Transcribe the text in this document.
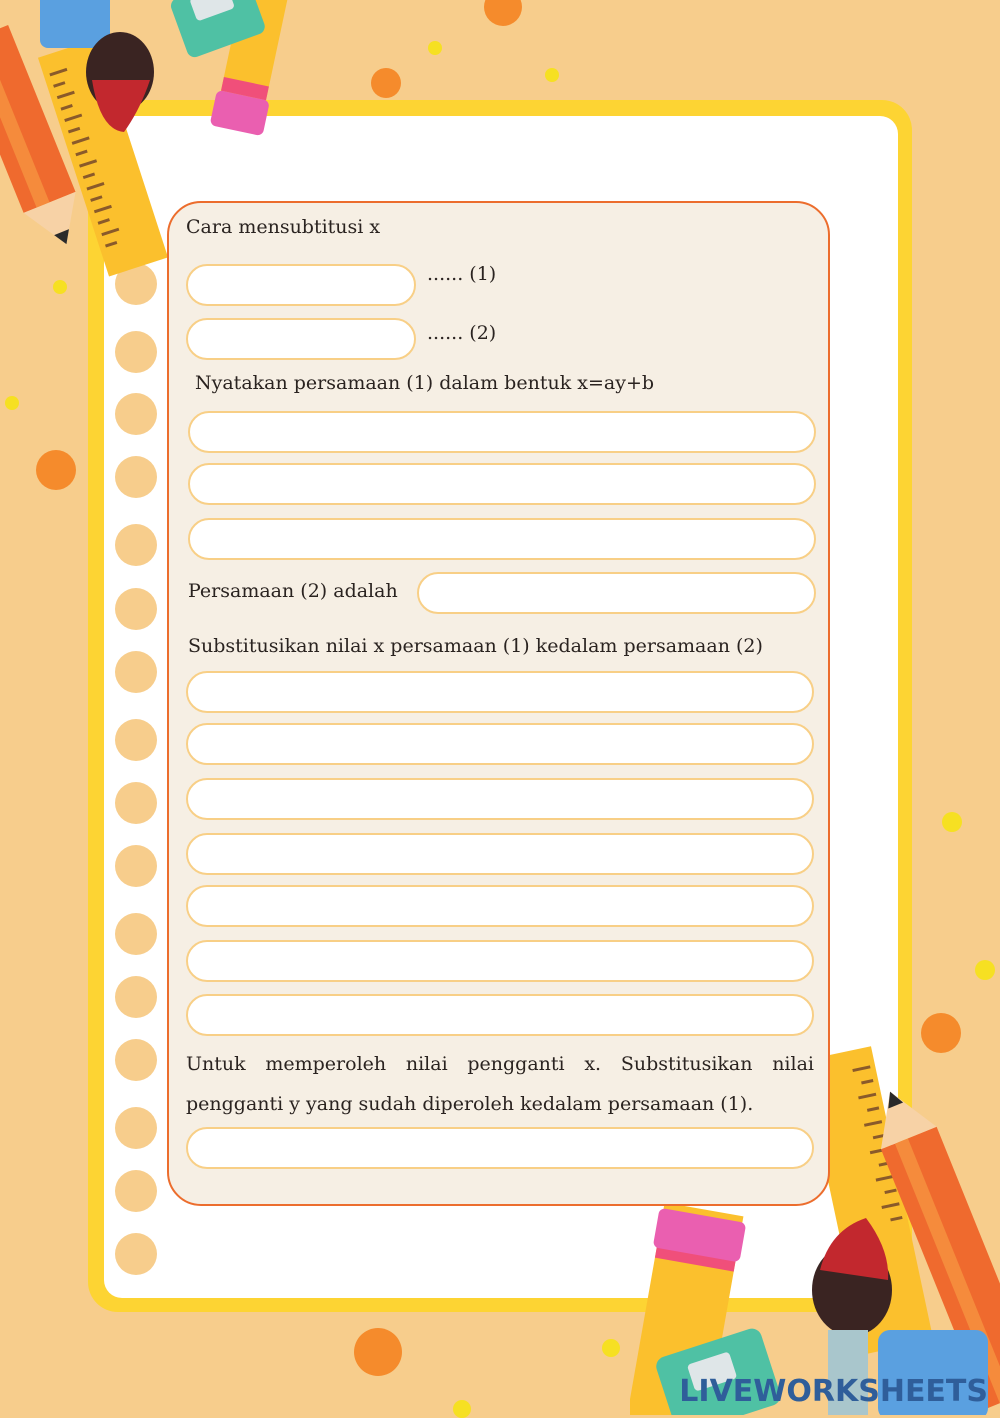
Cara mensubtitusi x
...... (1)
...... (2)
Nyatakan persamaan (1) dalam bentuk x=ay+b
Persamaan (2) adalah
Substitusikan nilai x persamaan (1) kedalam persamaan (2)
Untuk memperoleh nilai pengganti x. Substitusikan nilai pengganti y yang sudah diperoleh kedalam persamaan (1).
LIVEWORKSHEETS
